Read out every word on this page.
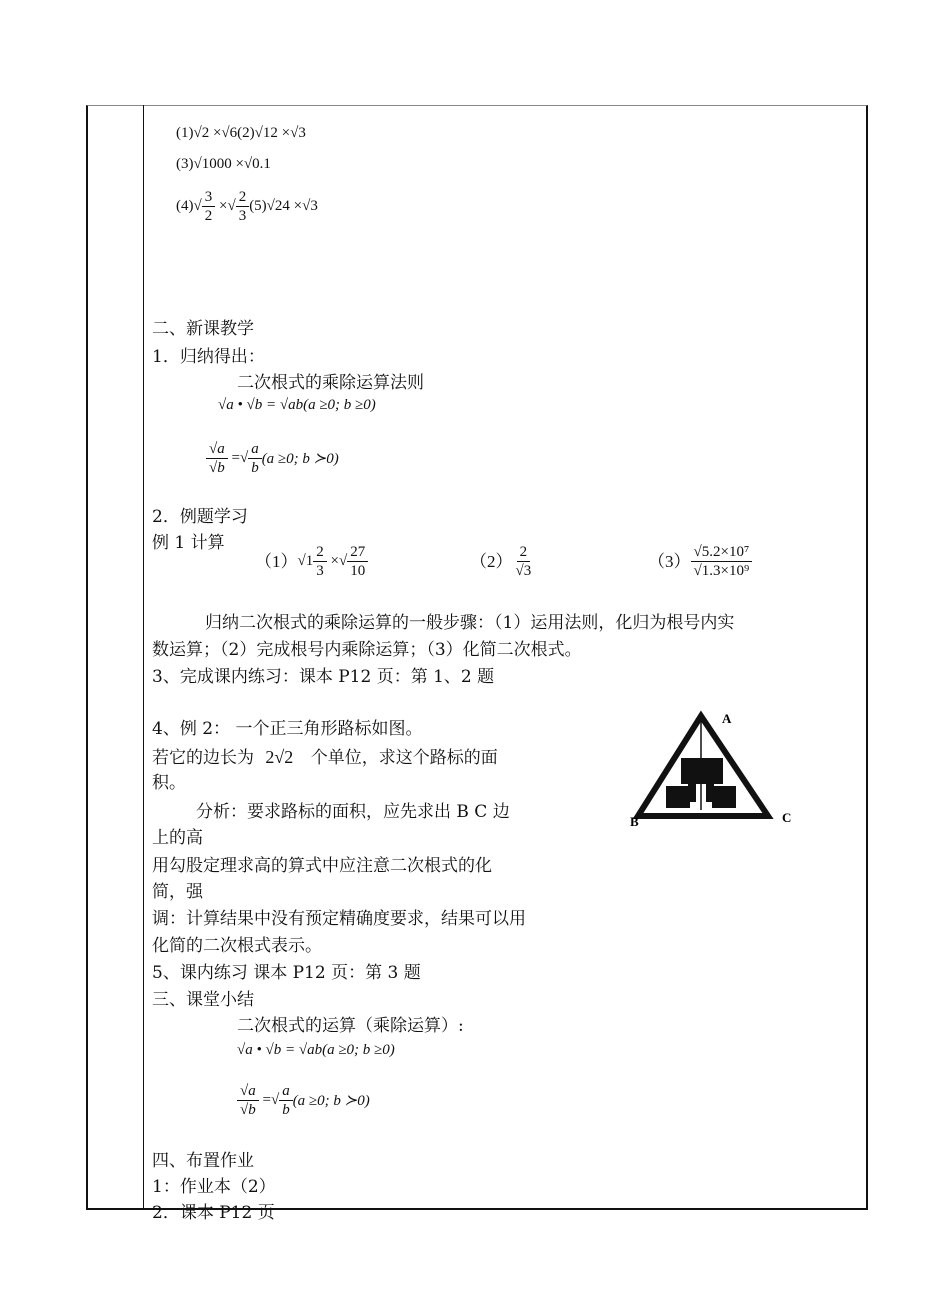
(1)√2 ×√6(2)√12 ×√3
(3)√1000 ×√0.1
(4) √ $\frac{3}{2}$ × √ $\frac{2}{3} (5)√24 \times√3$
二、新课教学
1．归纳得出：
二次根式的乘除运算法则
√a • √b = √ab(a ≥0; b ≥0)
$\frac{√a}{√b}$ = √ $\frac{a}{b} (a \ge 0$; b ≻0)
2．例题学习
例 1 计算
（1） √ $1 \frac{2}{3}$ × √ $\frac{27}{10}$	$(2) \frac{2}{√3}$	$(3) \frac{\text{√5.2×10⁷}}{\text{√1.3×10⁹}}$
归纳二次根式的乘除运算的一般步骤：（1）运用法则，化归为根号内实
数运算；（2）完成根号内乘除运算；（3）化简二次根式。
3、完成课内练习：课本 P12 页：第 1、2 题
4、例 2： 一个正三角形路标如图。
若它的边长为 2√2 个单位，求这个路标的面
积。
分析：要求路标的面积，应先求出 B C 边
上的高
用勾股定理求高的算式中应注意二次根式的化
简，强
调：计算结果中没有预定精确度要求，结果可以用
化简的二次根式表示。
5、课内练习 课本 P12 页：第 3 题
A
B	C
三、课堂小结
二次根式的运算（乘除运算）:
√a • √b = √ab(a ≥0; b ≥0)
$\frac{√a}{√b}$ = √ $\frac{a}{b} (a \ge 0$; b ≻0)
四、布置作业
1：作业本（2）
2．课本 P12 页
